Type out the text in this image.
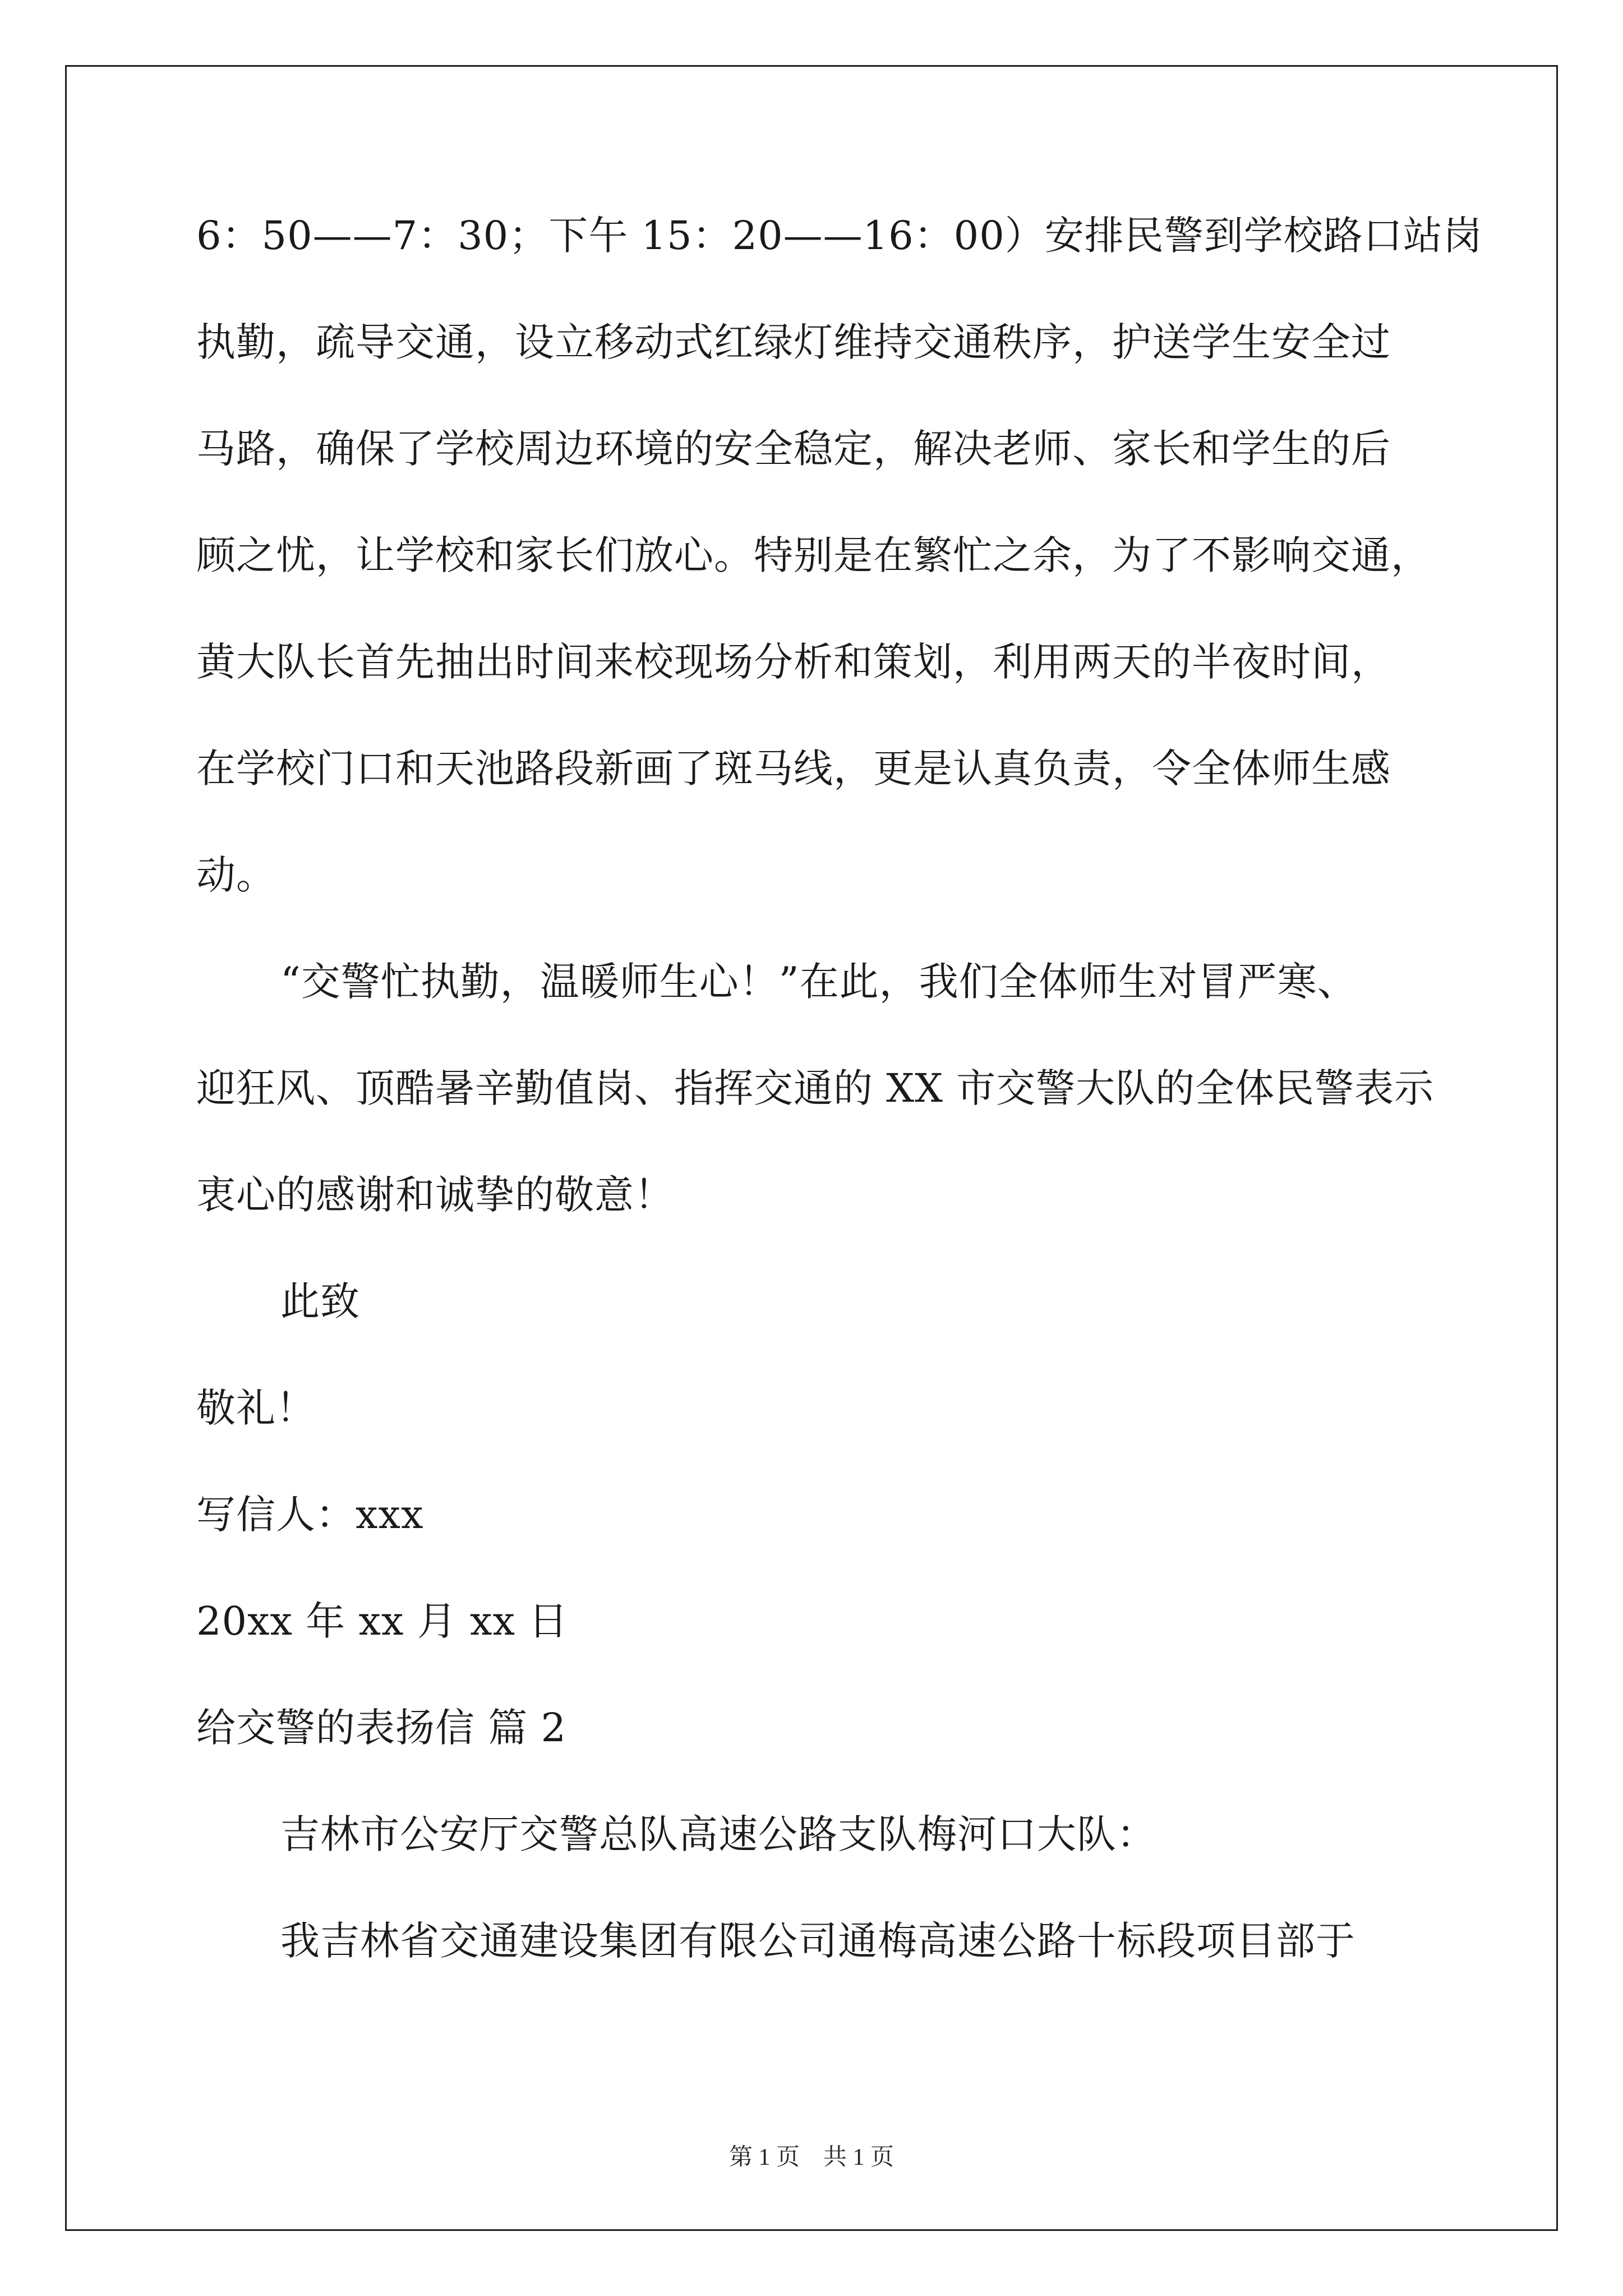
6：50——7：30；下午 15：20——16：00）安排民警到学校路口站岗
执勤，疏导交通，设立移动式红绿灯维持交通秩序，护送学生安全过
马路，确保了学校周边环境的安全稳定，解决老师、家长和学生的后
顾之忧，让学校和家长们放心。特别是在繁忙之余，为了不影响交通，
黄大队长首先抽出时间来校现场分析和策划，利用两天的半夜时间，
在学校门口和天池路段新画了斑马线，更是认真负责，令全体师生感
动。
“交警忙执勤，温暖师生心！”在此，我们全体师生对冒严寒、
迎狂风、顶酷暑辛勤值岗、指挥交通的 XX 市交警大队的全体民警表示
衷心的感谢和诚挚的敬意！
此致
敬礼！
写信人：xxx
20xx 年 xx 月 xx 日
给交警的表扬信 篇 2
吉林市公安厅交警总队高速公路支队梅河口大队：
我吉林省交通建设集团有限公司通梅高速公路十标段项目部于
第 1 页　共 1 页
